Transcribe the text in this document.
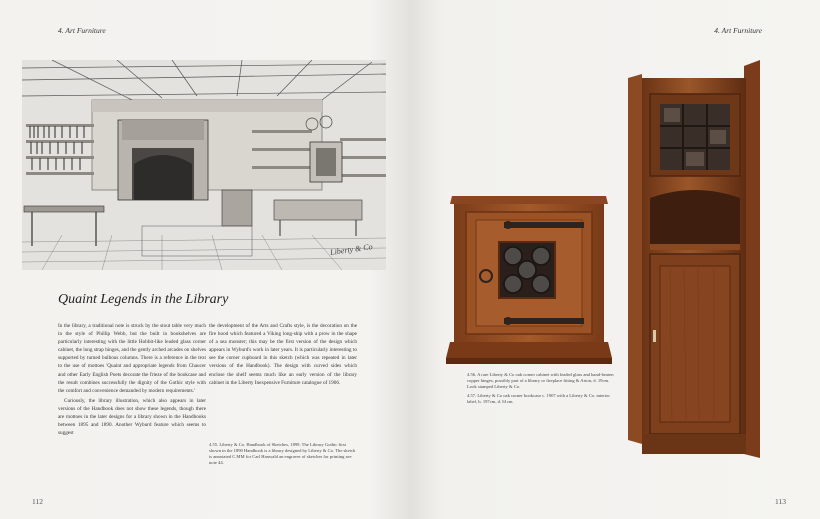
4. Art Furniture
Liberty & Co
Quaint Legends in the Library

In the library, a traditional note is struck by the stout table very much in the style of Phillip Webb, but the built in bookshelves are particularly interesting with the little Hobbit-like leaded glass corner cabinet, the long strap hinges, and the gently arched arcades on shelves supported by turned bulbous columns. There is a reference in the text to the use of mottoes 'Quaint and appropriate legends from Chaucer and other Early English Poets decorate the frieze of the bookcase and the result combines successfully the dignity of the Gothic style with the comfort and convenience demanded by modern requirements.'

Curiously, the library illustration, which also appears in later versions of the Handbook does not show these legends, though there are mottoes in the later designs for a library shown in the Handbooks between 1895 and 1890. Another Wyburd feature which seems to suggest

the development of the Arts and Crafts style, is the decoration on the fire hood which featured a Viking long-ship with a prow in the shape of a sea monster; this may be the first version of the design which appears in Wyburd's work in later years. It is particularly interesting to see the corner cupboard in this sketch (which was repeated in later versions of the Handbook). The design with curved sides which enclose the shelf seems much like an early version of the library cabinet in the Liberty Inexpensive Furniture catalogue of 1906.

4.55. Liberty & Co. Handbook of Sketches, 1899. The Library Gothic first shown in the 1890 Handbook is a library designed by Liberty & Co. The sketch is annotated C.MM for Carl Hanwald an engraver of sketches for printing see note 44.

112
4. Art Furniture

4.56. A rare Liberty & Co oak corner cabinet with leaded glass and hand-beaten copper hinges, possibly part of a library or fireplace fitting & Arton, d. 19cm. Look stamped Liberty & Co.

4.57. Liberty & Co oak corner bookcase c. 1907 with a Liberty & Co. interior label, h. 197cm, d. 61cm.

113
